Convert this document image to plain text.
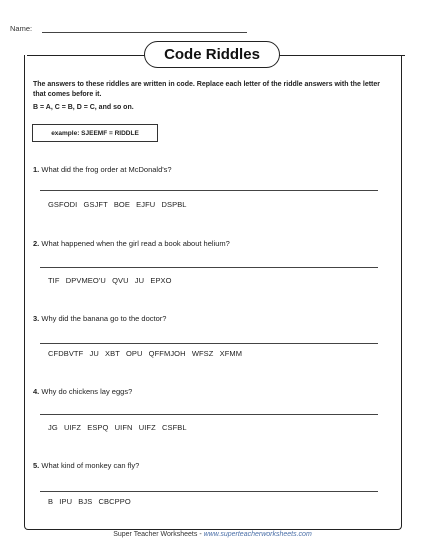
Name:
Code Riddles
The answers to these riddles are written in code. Replace each letter of the riddle answers with the letter that comes before it.
B = A, C = B, D = C, and so on.
example: SJEEMF = RIDDLE
1. What did the frog order at McDonald's?
GSFODI GSJFT BOE EJFU DSPBL
2. What happened when the girl read a book about helium?
TIF DPVMEO'U QVU JU EPXO
3. Why did the banana go to the doctor?
CFDBVTF JU XBT OPU QFFMJOH WFSZ XFMM
4. Why do chickens lay eggs?
JG UIFZ ESPQ UIFN UIFZ CSFBL
5. What kind of monkey can fly?
B IPU BJS CBCPPO
Super Teacher Worksheets - www.superteacherworksheets.com
